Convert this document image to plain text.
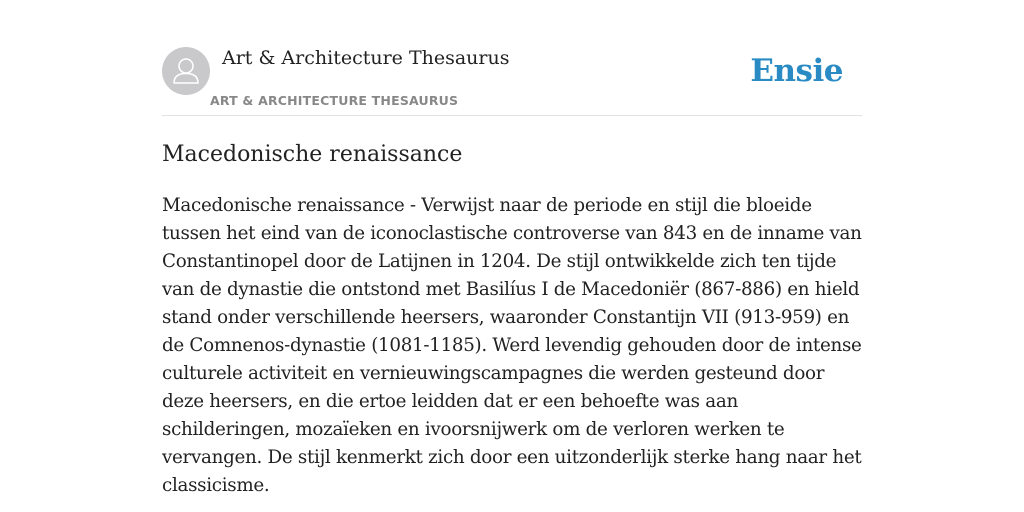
Art & Architecture Thesaurus
ART & ARCHITECTURE THESAURUS
Ensie
Macedonische renaissance

Macedonische renaissance - Verwijst naar de periode en stijl die bloeide tussen het eind van de iconoclastische controverse van 843 en de inname van Constantinopel door de Latijnen in 1204. De stijl ontwikkelde zich ten tijde van de dynastie die ontstond met Basilíus I de Macedoniër (867-886) en hield stand onder verschillende heersers, waaronder Constantijn VII (913-959) en de Comnenos-dynastie (1081-1185). Werd levendig gehouden door de intense culturele activiteit en vernieuwingscampagnes die werden gesteund door deze heersers, en die ertoe leidden dat er een behoefte was aan schilderingen, mozaïeken en ivoorsnijwerk om de verloren werken te vervangen. De stijl kenmerkt zich door een uitzonderlijk sterke hang naar het classicisme.
